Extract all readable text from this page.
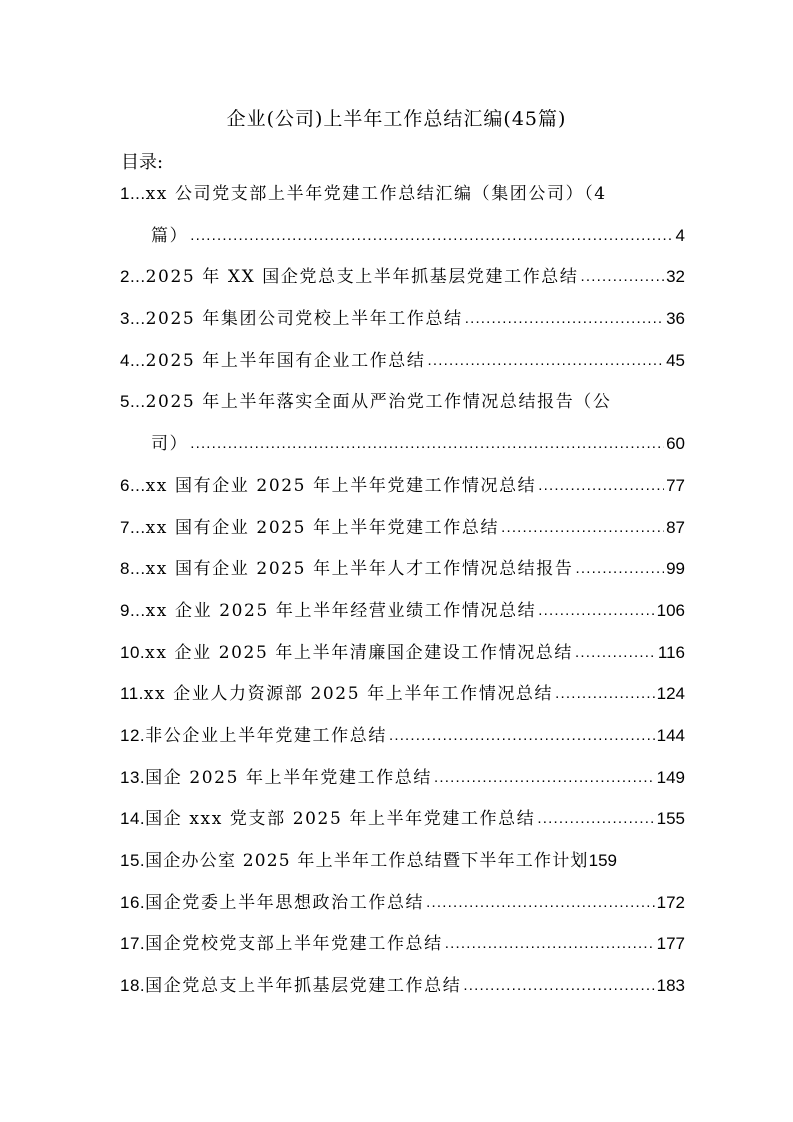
企业(公司)上半年工作总结汇编(45篇)
目录:
1... xx 公司党支部上半年党建工作总结汇编（集团公司）（4
篇） .....	4
2... 2025 年 XX 国企党总支上半年抓基层党建工作总结 .....	32
3... 2025 年集团公司党校上半年工作总结 .....	36
4... 2025 年上半年国有企业工作总结 .....	45
5... 2025 年上半年落实全面从严治党工作情况总结报告（公
司） .....	60
6... xx 国有企业 2025 年上半年党建工作情况总结 .....	77
7... xx 国有企业 2025 年上半年党建工作总结 .....	87
8... xx 国有企业 2025 年上半年人才工作情况总结报告 .....	99
9... xx 企业 2025 年上半年经营业绩工作情况总结 .....	106
10. xx 企业 2025 年上半年清廉国企建设工作情况总结 .....	116
11. xx 企业人力资源部 2025 年上半年工作情况总结 .....	124
12. 非公企业上半年党建工作总结 .....	144
13. 国企 2025 年上半年党建工作总结 .....	149
14. 国企 xxx 党支部 2025 年上半年党建工作总结 .....	155
15. 国企办公室 2025 年上半年工作总结暨下半年工作计划 159
16. 国企党委上半年思想政治工作总结 .....	172
17. 国企党校党支部上半年党建工作总结 .....	177
18. 国企党总支上半年抓基层党建工作总结 .....	183
